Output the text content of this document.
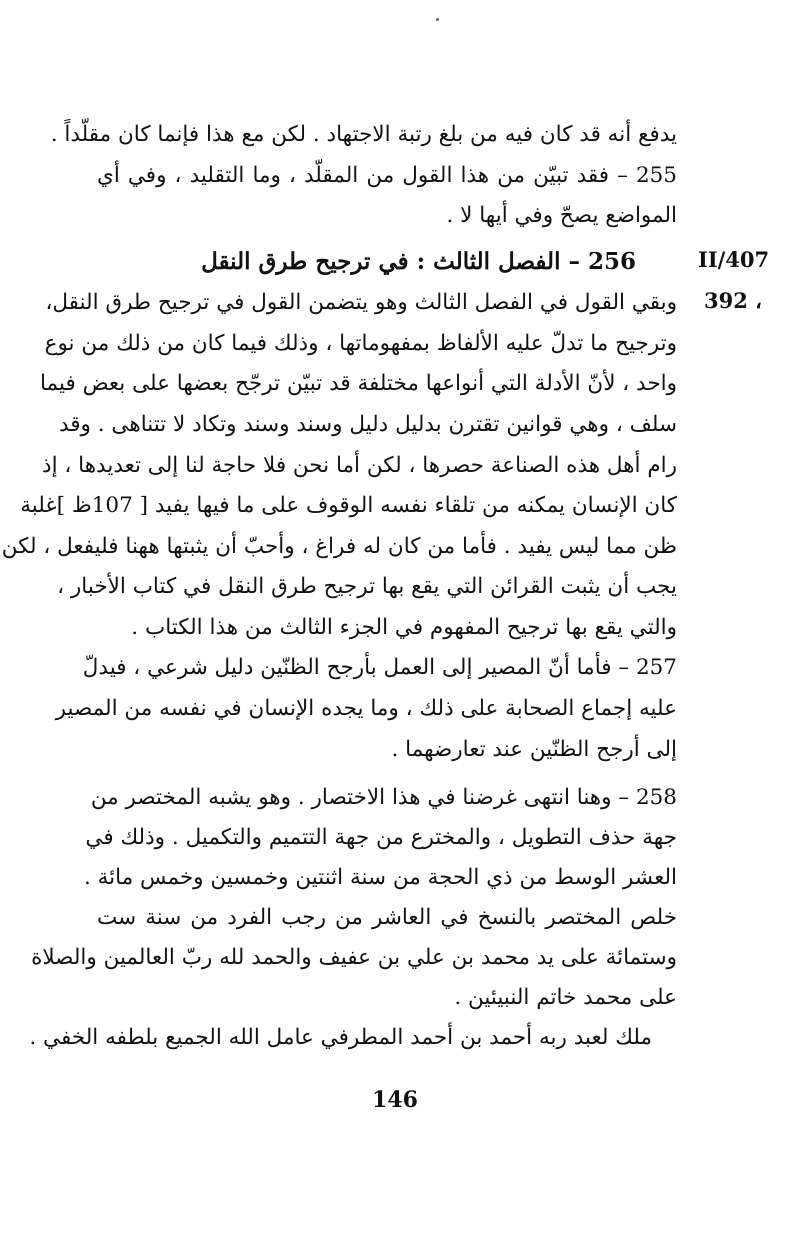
II/407
392 ،
يدفع أنه قد كان فيه من بلغ رتبة الاجتهاد . لكن مع هذا فإنما كان مقلّداً .
255 – فقد تبيّن من هذا القول من المقلّد ، وما التقليد ، وفي أي
المواضع يصحّ وفي أيها لا .
256 – الفصل الثالث : في ترجيح طرق النقل
وبقي القول في الفصل الثالث وهو يتضمن القول في ترجيح طرق النقل،
وترجيح ما تدلّ عليه الألفاظ بمفهوماتها ، وذلك فيما كان من ذلك من نوع
واحد ، لأنّ الأدلة التي أنواعها مختلفة قد تبيّن ترجّح بعضها على بعض فيما
سلف ، وهي قوانين تقترن بدليل دليل وسند وسند وتكاد لا تتناهى . وقد
رام أهل هذه الصناعة حصرها ، لكن أما نحن فلا حاجة لنا إلى تعديدها ، إذ
كان الإنسان يمكنه من تلقاء نفسه الوقوف على ما فيها يفيد [ 107ظ ]غلبة
ظن مما ليس يفيد . فأما من كان له فراغ ، وأحبّ أن يثبتها ههنا فليفعل ، لكن
يجب أن يثبت القرائن التي يقع بها ترجيح طرق النقل في كتاب الأخبار ،
والتي يقع بها ترجيح المفهوم في الجزء الثالث من هذا الكتاب .
257 – فأما أنّ المصير إلى العمل بأرجح الظنّين دليل شرعي ، فيدلّ
عليه إجماع الصحابة على ذلك ، وما يجده الإنسان في نفسه من المصير
إلى أرجح الظنّين عند تعارضهما .
258 – وهنا انتهى غرضنا في هذا الاختصار . وهو يشبه المختصر من
جهة حذف التطويل ، والمخترع من جهة التتميم والتكميل . وذلك في
العشر الوسط من ذي الحجة من سنة اثنتين وخمسين وخمس مائة .
خلص المختصر بالنسخ في العاشر من رجب الفرد من سنة ست
وستمائة على يد محمد بن علي بن عفيف والحمد لله ربّ العالمين والصلاة
على محمد خاتم النبيئين .
ملك لعبد ربه أحمد بن أحمد المطرفي عامل الله الجميع بلطفه الخفي .
146
